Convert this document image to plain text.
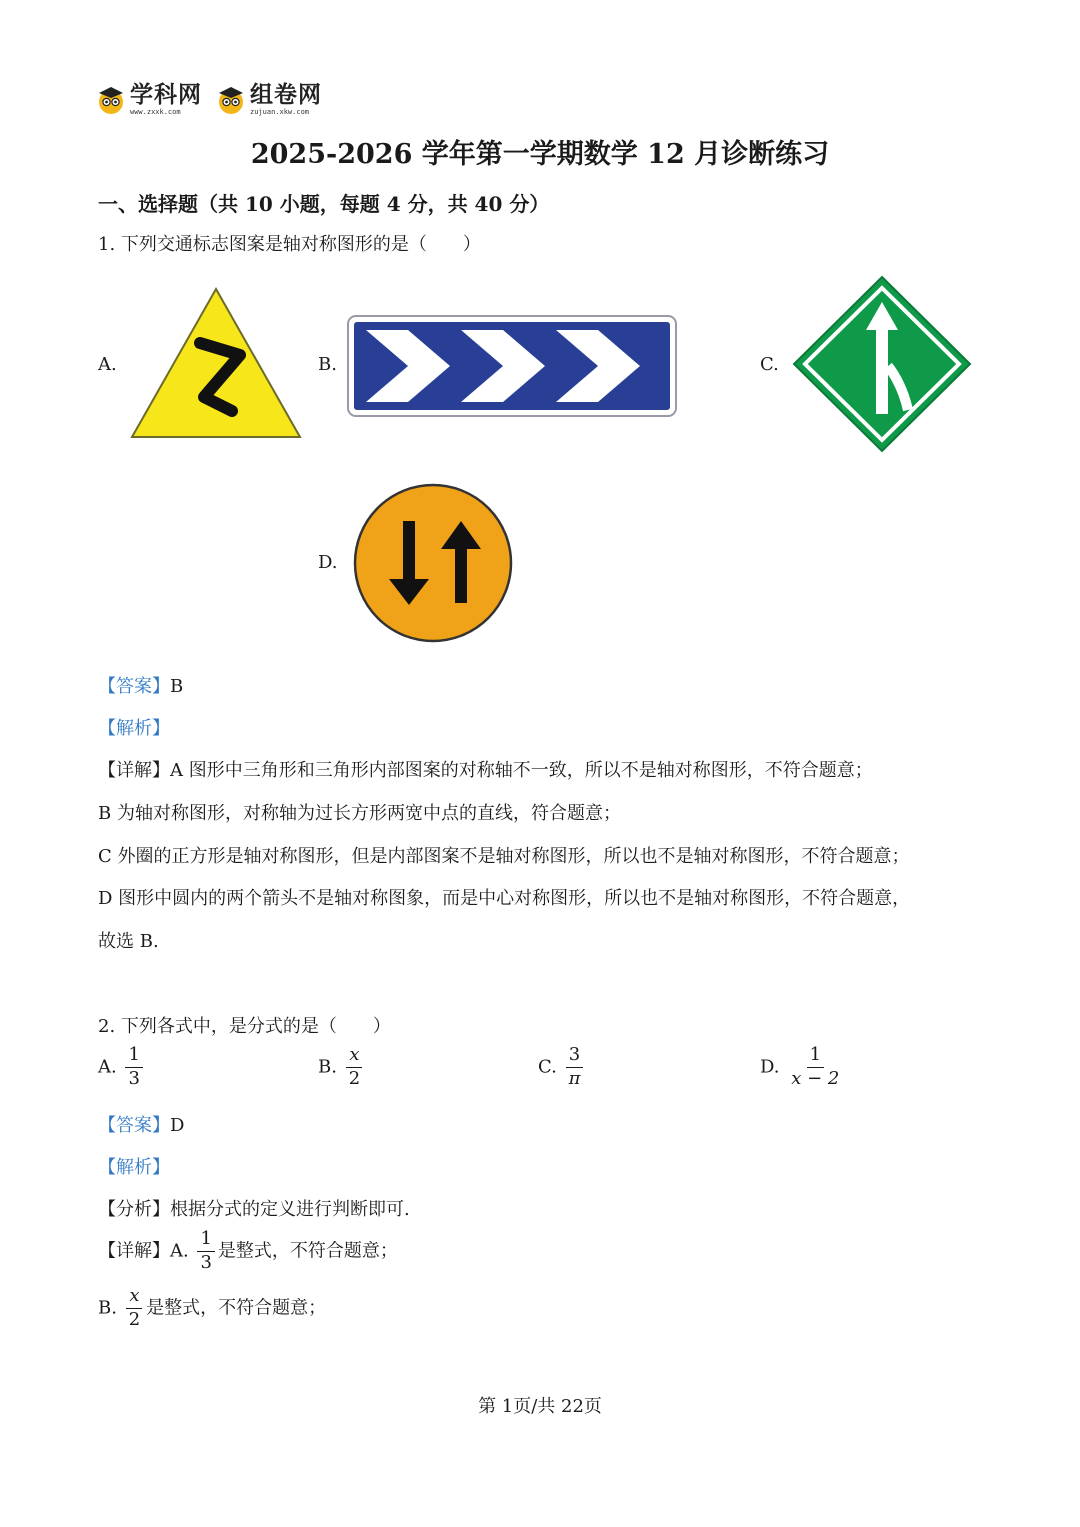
学科网
www.zxxk.com
组卷网
zujuan.xkw.com
2025-2026 学年第一学期数学 12 月诊断练习
一、选择题（共 10 小题，每题 4 分，共 40 分）
1. 下列交通标志图案是轴对称图形的是（　　）
A.	B.	C.
D.
【答案】B
【解析】
【详解】A 图形中三角形和三角形内部图案的对称轴不一致，所以不是轴对称图形，不符合题意；
B 为轴对称图形，对称轴为过长方形两宽中点的直线，符合题意；
C 外圈的正方形是轴对称图形，但是内部图案不是轴对称图形，所以也不是轴对称图形，不符合题意；
D 图形中圆内的两个箭头不是轴对称图象，而是中心对称图形，所以也不是轴对称图形，不符合题意，
故选 B.
2. 下列各式中，是分式的是（　　）
A. $\frac{1}{3}$	B. $\frac{x}{2}$	C. $\frac{3}{\pi}$	D. $\frac{1}{x - 2}$
【答案】D
【解析】
【分析】根据分式的定义进行判断即可.
【详解】A. $\frac{1}{3}$ 是整式，不符合题意；
B. $\frac{x}{2}$ 是整式，不符合题意；
第 1页/共 22页
